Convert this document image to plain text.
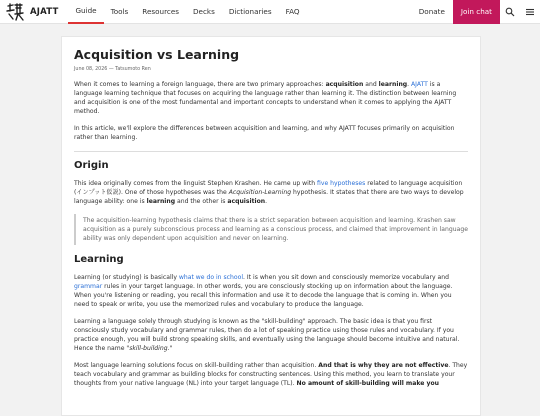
AJATT	Guide	Tools	Resources	Decks	Dictionaries	FAQ	Donate	Join chat
Acquisition vs Learning
June 08, 2026 — Tatsumoto Ren

When it comes to learning a foreign language, there are two primary approaches: acquisition and learning. AJATT is a language learning technique that focuses on acquiring the language rather than learning it. The distinction between learning and acquisition is one of the most fundamental and important concepts to understand when it comes to applying the AJATT method.

In this article, we'll explore the differences between acquisition and learning, and why AJATT focuses primarily on acquisition rather than learning.

Origin

This idea originally comes from the linguist Stephen Krashen. He came up with five hypotheses related to language acquisition (インプット仮説). One of those hypotheses was the Acquisition-Learning hypothesis. It states that there are two ways to develop language ability: one is learning and the other is acquisition.

The acquisition-learning hypothesis claims that there is a strict separation between acquisition and learning. Krashen saw acquisition as a purely subconscious process and learning as a conscious process, and claimed that improvement in language ability was only dependent upon acquisition and never on learning.
Learning

Learning (or studying) is basically what we do in school. It is when you sit down and consciously memorize vocabulary and grammar rules in your target language. In other words, you are consciously stocking up on information about the language. When you're listening or reading, you recall this information and use it to decode the language that is coming in. When you need to speak or write, you use the memorized rules and vocabulary to produce the language.

Learning a language solely through studying is known as the "skill-building" approach. The basic idea is that you first consciously study vocabulary and grammar rules, then do a lot of speaking practice using those rules and vocabulary. If you practice enough, you will build strong speaking skills, and eventually using the language should become intuitive and natural. Hence the name "skill-building."

Most language learning solutions focus on skill-building rather than acquisition. And that is why they are not effective. They teach vocabulary and grammar as building blocks for constructing sentences. Using this method, you learn to translate your thoughts from your native language (NL) into your target language (TL). No amount of skill-building will make you
